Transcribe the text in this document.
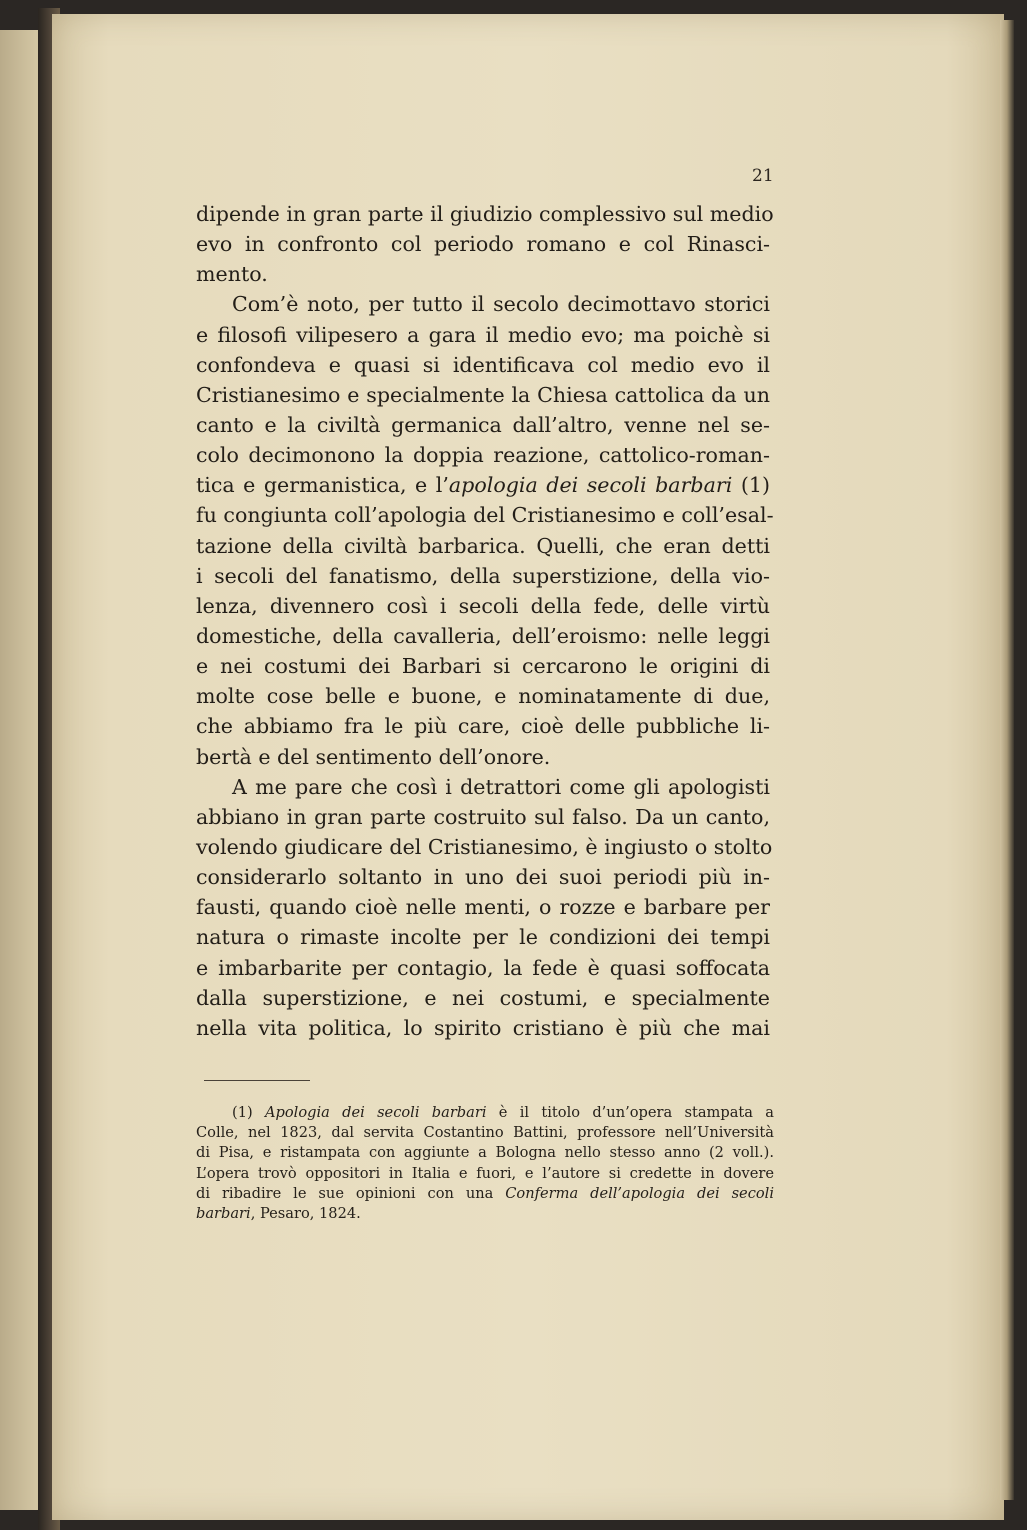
21
dipende in gran parte il giudizio complessivo sul medio
evo in confronto col periodo romano e col Rinasci-
mento.
Com’è noto, per tutto il secolo decimottavo storici
e filosofi vilipesero a gara il medio evo; ma poichè si
confondeva e quasi si identificava col medio evo il
Cristianesimo e specialmente la Chiesa cattolica da un
canto e la civiltà germanica dall’altro, venne nel se-
colo decimonono la doppia reazione, cattolico-roman-
tica e germanistica, e l’apologia dei secoli barbari (1)
fu congiunta coll’apologia del Cristianesimo e coll’esal-
tazione della civiltà barbarica. Quelli, che eran detti
i secoli del fanatismo, della superstizione, della vio-
lenza, divennero così i secoli della fede, delle virtù
domestiche, della cavalleria, dell’eroismo: nelle leggi
e nei costumi dei Barbari si cercarono le origini di
molte cose belle e buone, e nominatamente di due,
che abbiamo fra le più care, cioè delle pubbliche li-
bertà e del sentimento dell’onore.
A me pare che così i detrattori come gli apologisti
abbiano in gran parte costruito sul falso. Da un canto,
volendo giudicare del Cristianesimo, è ingiusto o stolto
considerarlo soltanto in uno dei suoi periodi più in-
fausti, quando cioè nelle menti, o rozze e barbare per
natura o rimaste incolte per le condizioni dei tempi
e imbarbarite per contagio, la fede è quasi soffocata
dalla superstizione, e nei costumi, e specialmente
nella vita politica, lo spirito cristiano è più che mai
(1) Apologia dei secoli barbari è il titolo d’un’opera stampata a
Colle, nel 1823, dal servita Costantino Battini, professore nell’Università
di Pisa, e ristampata con aggiunte a Bologna nello stesso anno (2 voll.).
L’opera trovò oppositori in Italia e fuori, e l’autore si credette in dovere
di ribadire le sue opinioni con una Conferma dell’apologia dei secoli
barbari, Pesaro, 1824.
